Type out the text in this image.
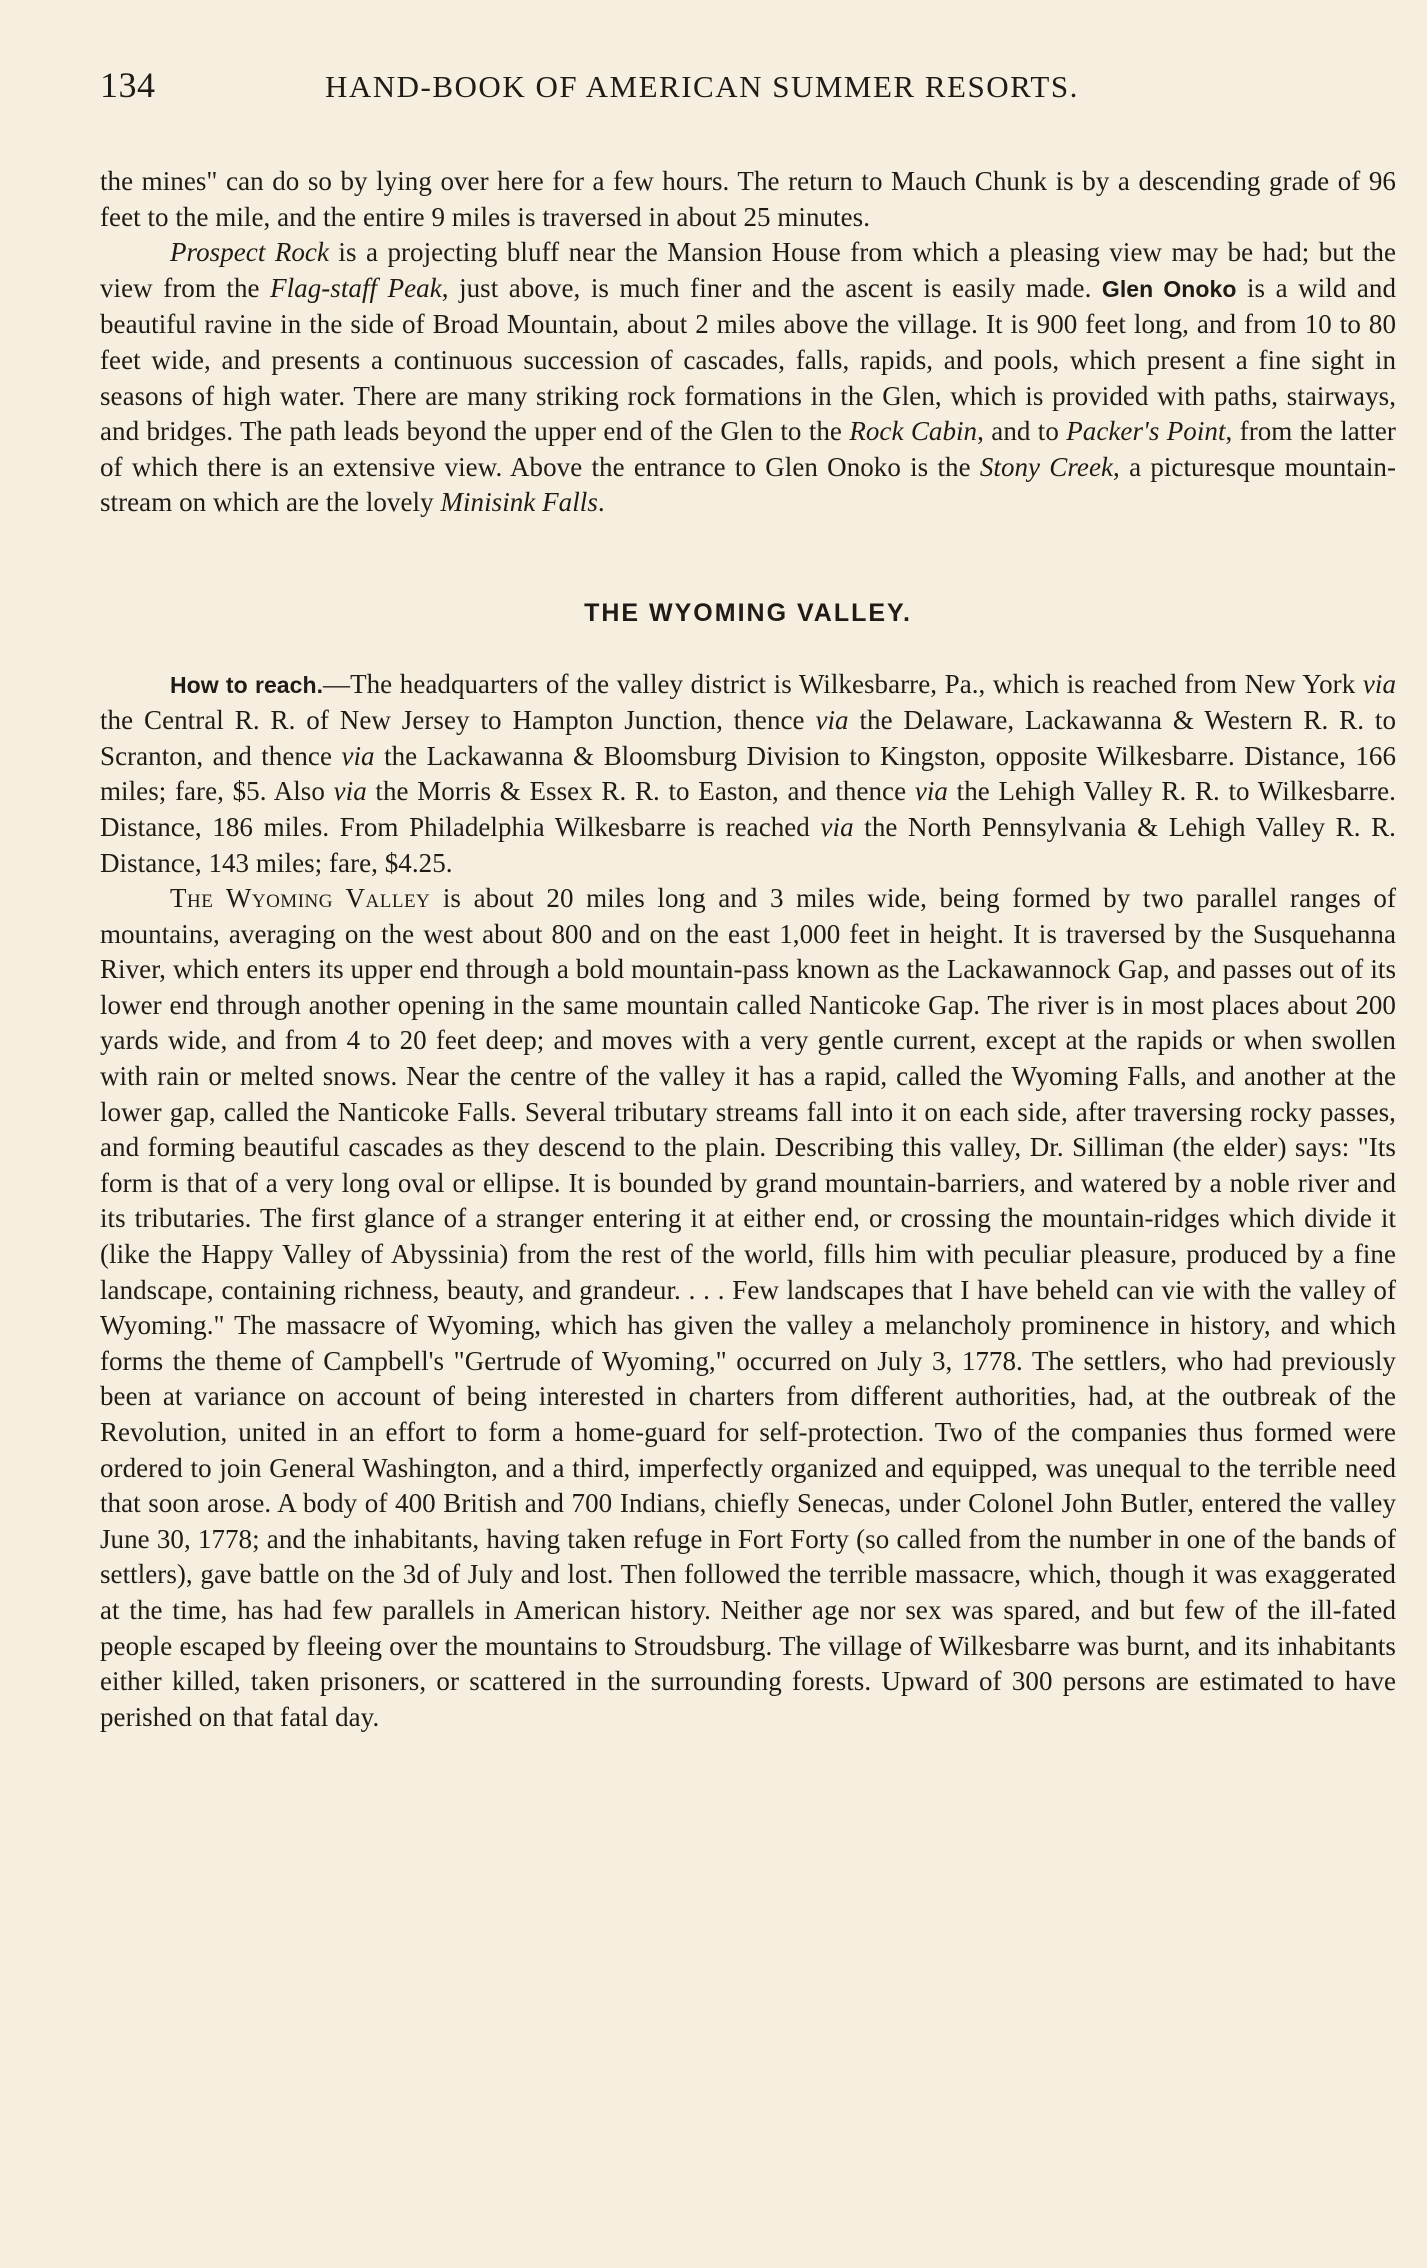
134	HAND-BOOK OF AMERICAN SUMMER RESORTS.

the mines" can do so by lying over here for a few hours. The return to Mauch Chunk is by a descending grade of 96 feet to the mile, and the entire 9 miles is traversed in about 25 minutes.

Prospect Rock is a projecting bluff near the Mansion House from which a pleasing view may be had; but the view from the Flag-staff Peak, just above, is much finer and the ascent is easily made. Glen Onoko is a wild and beautiful ravine in the side of Broad Mountain, about 2 miles above the village. It is 900 feet long, and from 10 to 80 feet wide, and presents a continuous succession of cascades, falls, rapids, and pools, which present a fine sight in seasons of high water. There are many striking rock formations in the Glen, which is provided with paths, stairways, and bridges. The path leads beyond the upper end of the Glen to the Rock Cabin, and to Packer's Point, from the latter of which there is an extensive view. Above the entrance to Glen Onoko is the Stony Creek, a picturesque mountain-stream on which are the lovely Minisink Falls.

THE WYOMING VALLEY.

How to reach.—The headquarters of the valley district is Wilkesbarre, Pa., which is reached from New York via the Central R. R. of New Jersey to Hampton Junction, thence via the Delaware, Lackawanna & Western R. R. to Scranton, and thence via the Lackawanna & Bloomsburg Division to Kingston, opposite Wilkesbarre. Distance, 166 miles; fare, $5. Also via the Morris & Essex R. R. to Easton, and thence via the Lehigh Valley R. R. to Wilkesbarre. Distance, 186 miles. From Philadelphia Wilkesbarre is reached via the North Pennsylvania & Lehigh Valley R. R. Distance, 143 miles; fare, $4.25.

The Wyoming Valley is about 20 miles long and 3 miles wide, being formed by two parallel ranges of mountains, averaging on the west about 800 and on the east 1,000 feet in height. It is traversed by the Susquehanna River, which enters its upper end through a bold mountain-pass known as the Lackawannock Gap, and passes out of its lower end through another opening in the same mountain called Nanticoke Gap. The river is in most places about 200 yards wide, and from 4 to 20 feet deep; and moves with a very gentle current, except at the rapids or when swollen with rain or melted snows. Near the centre of the valley it has a rapid, called the Wyoming Falls, and another at the lower gap, called the Nanticoke Falls. Several tributary streams fall into it on each side, after traversing rocky passes, and forming beautiful cascades as they descend to the plain. Describing this valley, Dr. Silliman (the elder) says: "Its form is that of a very long oval or ellipse. It is bounded by grand mountain-barriers, and watered by a noble river and its tributaries. The first glance of a stranger entering it at either end, or crossing the mountain-ridges which divide it (like the Happy Valley of Abyssinia) from the rest of the world, fills him with peculiar pleasure, produced by a fine landscape, containing richness, beauty, and grandeur. . . . Few landscapes that I have beheld can vie with the valley of Wyoming." The massacre of Wyoming, which has given the valley a melancholy prominence in history, and which forms the theme of Campbell's "Gertrude of Wyoming," occurred on July 3, 1778. The settlers, who had previously been at variance on account of being interested in charters from different authorities, had, at the outbreak of the Revolution, united in an effort to form a home-guard for self-protection. Two of the companies thus formed were ordered to join General Washington, and a third, imperfectly organized and equipped, was unequal to the terrible need that soon arose. A body of 400 British and 700 Indians, chiefly Senecas, under Colonel John Butler, entered the valley June 30, 1778; and the inhabitants, having taken refuge in Fort Forty (so called from the number in one of the bands of settlers), gave battle on the 3d of July and lost. Then followed the terrible massacre, which, though it was exaggerated at the time, has had few parallels in American history. Neither age nor sex was spared, and but few of the ill-fated people escaped by fleeing over the mountains to Stroudsburg. The village of Wilkesbarre was burnt, and its inhabitants either killed, taken prisoners, or scattered in the surrounding forests. Upward of 300 persons are estimated to have perished on that fatal day.
